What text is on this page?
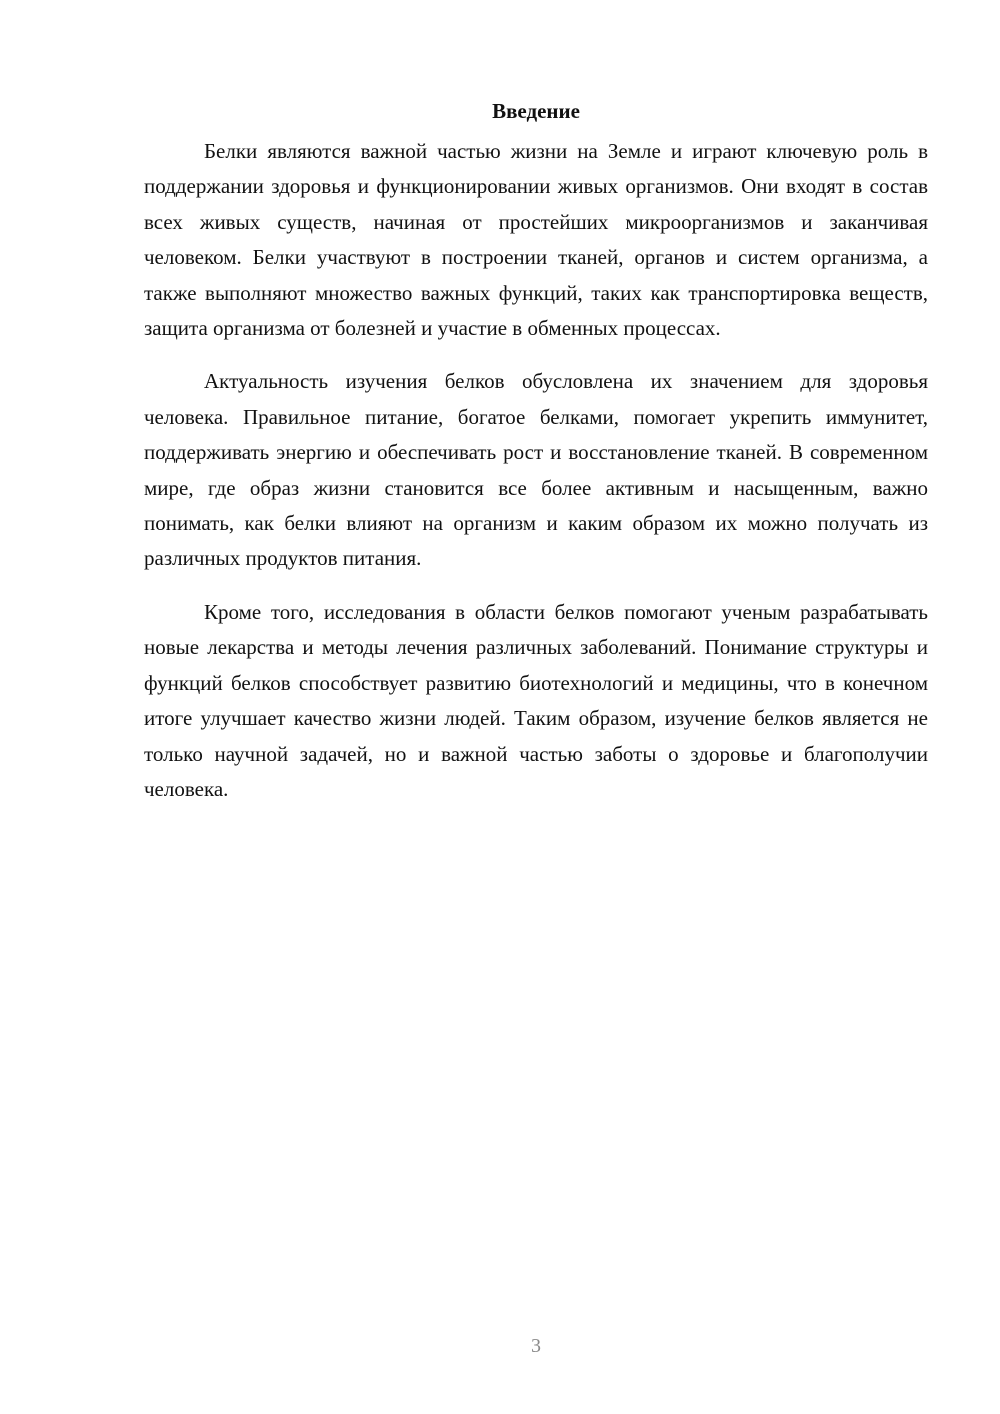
Введение

Белки являются важной частью жизни на Земле и играют ключевую роль в поддержании здоровья и функционировании живых организмов. Они входят в состав всех живых существ, начиная от простейших микроорганизмов и заканчивая человеком. Белки участвуют в построении тканей, органов и систем организма, а также выполняют множество важных функций, таких как транспортировка веществ, защита организма от болезней и участие в обменных процессах.

Актуальность изучения белков обусловлена их значением для здоровья человека. Правильное питание, богатое белками, помогает укрепить иммунитет, поддерживать энергию и обеспечивать рост и восстановление тканей. В современном мире, где образ жизни становится все более активным и насыщенным, важно понимать, как белки влияют на организм и каким образом их можно получать из различных продуктов питания.

Кроме того, исследования в области белков помогают ученым разрабатывать новые лекарства и методы лечения различных заболеваний. Понимание структуры и функций белков способствует развитию биотехнологий и медицины, что в конечном итоге улучшает качество жизни людей. Таким образом, изучение белков является не только научной задачей, но и важной частью заботы о здоровье и благополучии человека.

3
